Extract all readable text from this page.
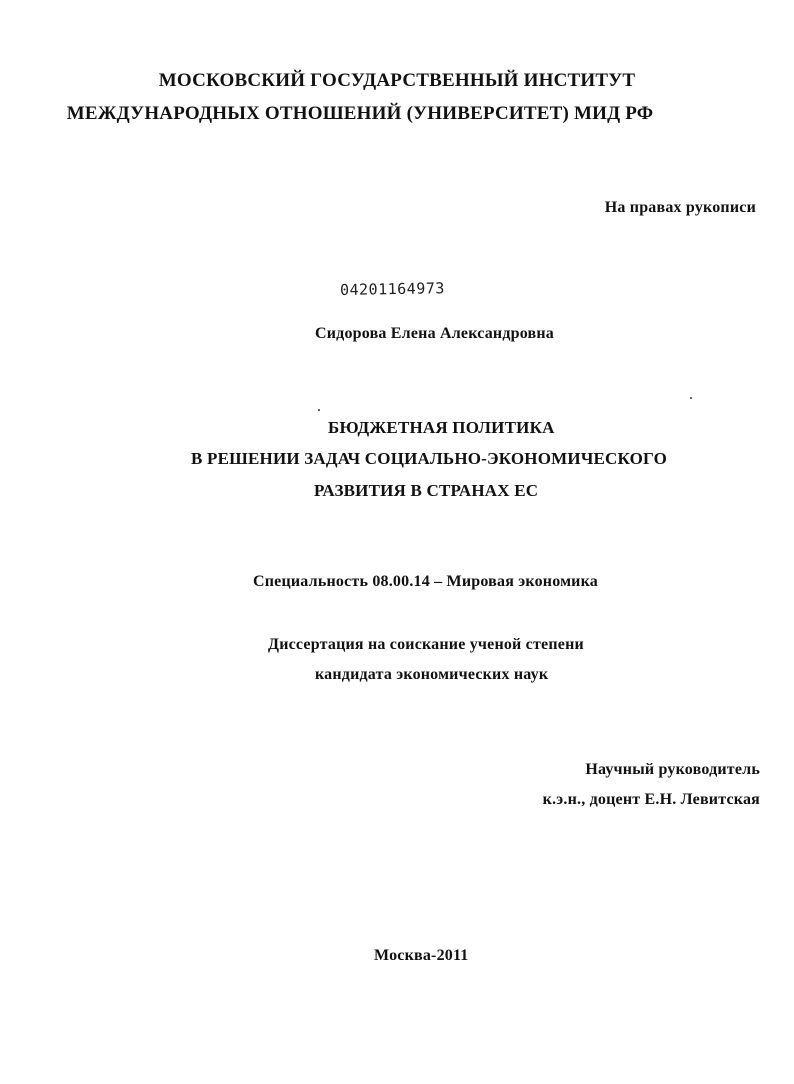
МОСКОВСКИЙ ГОСУДАРСТВЕННЫЙ ИНСТИТУТ
МЕЖДУНАРОДНЫХ ОТНОШЕНИЙ (УНИВЕРСИТЕТ) МИД РФ
На правах рукописи
04201164973
Сидорова Елена Александровна
БЮДЖЕТНАЯ ПОЛИТИКА
В РЕШЕНИИ ЗАДАЧ СОЦИАЛЬНО-ЭКОНОМИЧЕСКОГО
РАЗВИТИЯ В СТРАНАХ ЕС
Специальность 08.00.14 – Мировая экономика
Диссертация на соискание ученой степени
кандидата экономических наук
Научный руководитель
к.э.н., доцент Е.Н. Левитская
Москва-2011
